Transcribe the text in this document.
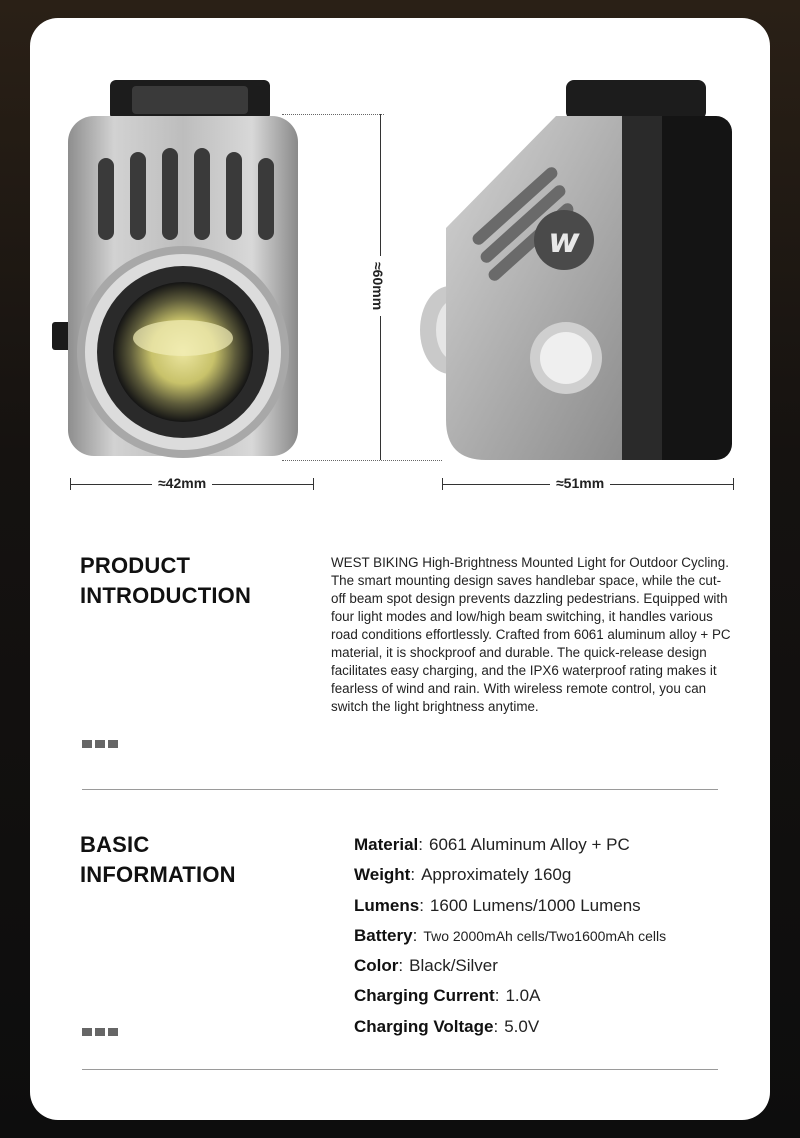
w
≈60mm
≈42mm	≈51mm
PRODUCT
INTRODUCTION
WEST BIKING High-Brightness Mounted Light for Outdoor Cycling. The smart mounting design saves handlebar space, while the cut-off beam spot design prevents dazzling pedestrians. Equipped with four light modes and low/high beam switching, it handles various road conditions effortlessly. Crafted from 6061 aluminum alloy + PC material, it is shockproof and durable. The quick-release design facilitates easy charging, and the IPX6 waterproof rating makes it fearless of wind and rain. With wireless remote control, you can switch the light brightness anytime.
BASIC
INFORMATION
Material: 6061 Aluminum Alloy + PC
Weight: Approximately 160g
Lumens: 1600 Lumens/1000 Lumens
Battery: Two 2000mAh cells/Two1600mAh cells
Color: Black/Silver
Charging Current: 1.0A
Charging Voltage: 5.0V
